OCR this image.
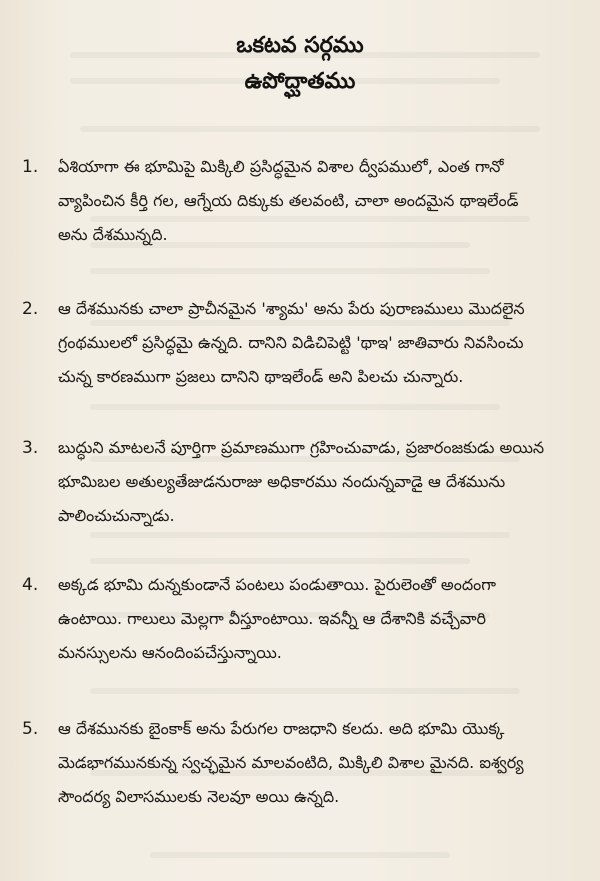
ఒకటవ సర్గము
ఉపోద్ఘాతము
1. ఏశియాగా ఈ భూమిపై మిక్కిలి ప్రసిద్ధమైన విశాల ద్వీపములో, ఎంత గానో
వ్యాపించిన కీర్తి గల, ఆగ్నేయ దిక్కుకు తలవంటి, చాలా అందమైన థాఇలేండ్
అను దేశమున్నది.
2. ఆ దేశమునకు చాలా ప్రాచీనమైన 'శ్యామ' అను పేరు పురాణములు మొదలైన
గ్రంథములలో ప్రసిద్ధమై ఉన్నది. దానిని విడిచిపెట్టి 'థాఇ' జాతివారు నివసించు
చున్న కారణముగా ప్రజలు దానిని థాఇలేండ్ అని పిలచు చున్నారు.
3. బుద్ధుని మాటలనే పూర్తిగా ప్రమాణముగా గ్రహించువాడు, ప్రజారంజకుడు అయిన
భూమిబల అతుల్యతేజుడనురాజు అధికారము నందున్నవాడై ఆ దేశమును
పాలించుచున్నాడు.
4. అక్కడ భూమి దున్నకుండానే పంటలు పండుతాయి. పైరులెంతో అందంగా
ఉంటాయి. గాలులు మెల్లగా వీస్తూంటాయి. ఇవన్నీ ఆ దేశానికి వచ్చేవారి
మనస్సులను ఆనందింపచేస్తున్నాయి.
5. ఆ దేశమునకు బైంకాక్ అను పేరుగల రాజధాని కలదు. అది భూమి యొక్క
మెడభాగమునకున్న స్వచ్ఛమైన మాలవంటిది, మిక్కిలి విశాల మైనది. ఐశ్వర్య
సౌందర్య విలాసములకు నెలవూ అయి ఉన్నది.
